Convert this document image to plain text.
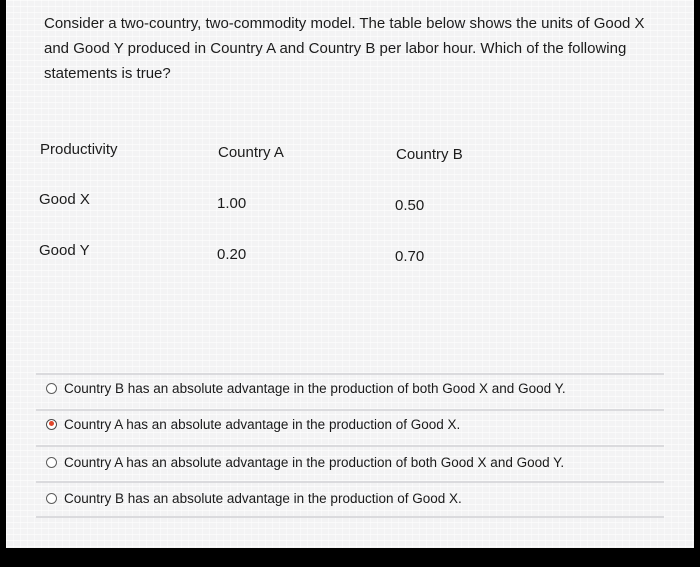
Consider a two-country, two-commodity model. The table below shows the units of Good X and Good Y produced in Country A and Country B per labor hour. Which of the following statements is true?
Productivity	Country A	Country B
Good X	1.00	0.50
Good Y	0.20	0.70
Country B has an absolute advantage in the production of both Good X and Good Y.
Country A has an absolute advantage in the production of Good X.
Country A has an absolute advantage in the production of both Good X and Good Y.
Country B has an absolute advantage in the production of Good X.
